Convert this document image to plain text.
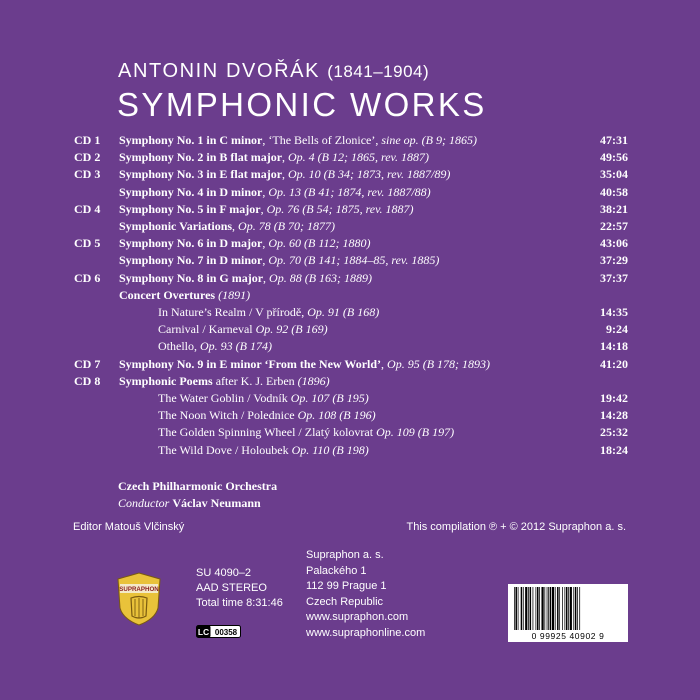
ANTONIN DVOŘÁK (1841–1904)
SYMPHONIC WORKS
CD 1 Symphony No. 1 in C minor, ‘The Bells of Zlonice’, sine op. (B 9; 1865)	47:31
CD 2 Symphony No. 2 in B flat major, Op. 4 (B 12; 1865, rev. 1887)	49:56
CD 3 Symphony No. 3 in E flat major, Op. 10 (B 34; 1873, rev. 1887/89)	35:04
Symphony No. 4 in D minor, Op. 13 (B 41; 1874, rev. 1887/88)	40:58
CD 4 Symphony No. 5 in F major, Op. 76 (B 54; 1875, rev. 1887)	38:21
Symphonic Variations, Op. 78 (B 70; 1877)	22:57
CD 5 Symphony No. 6 in D major, Op. 60 (B 112; 1880)	43:06
Symphony No. 7 in D minor, Op. 70 (B 141; 1884–85, rev. 1885)	37:29
CD 6 Symphony No. 8 in G major, Op. 88 (B 163; 1889)	37:37
Concert Overtures (1891)
In Nature’s Realm / V přírodě, Op. 91 (B 168)	14:35
Carnival / Karneval Op. 92 (B 169)	9:24
Othello, Op. 93 (B 174)	14:18
CD 7 Symphony No. 9 in E minor ‘From the New World’, Op. 95 (B 178; 1893)	41:20
CD 8 Symphonic Poems after K. J. Erben (1896)
The Water Goblin / Vodník Op. 107 (B 195)	19:42
The Noon Witch / Polednice Op. 108 (B 196)	14:28
The Golden Spinning Wheel / Zlatý kolovrat Op. 109 (B 197)	25:32
The Wild Dove / Holoubek Op. 110 (B 198)	18:24
Czech Philharmonic Orchestra
Conductor Václav Neumann
Editor Matouš Vlčinský	This compilation ℗ + © 2012 Supraphon a. s.
SUPRAPHON
SU 4090–2
AAD STEREO
Total time 8:31:46
LC 00358
Supraphon a. s.
Palackého 1
112 99 Prague 1
Czech Republic
www.supraphon.com
www.supraphonline.com	0 99925 40902 9
